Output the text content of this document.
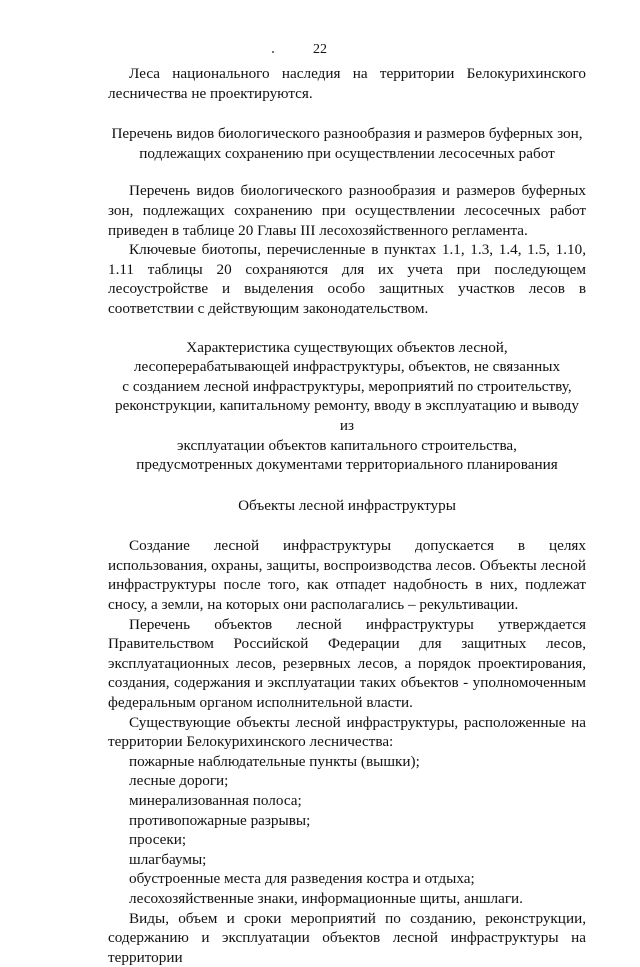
22

Леса национального наследия на территории Белокурихинского лесничества не проектируются.

Перечень видов биологического разнообразия и размеров буферных зон,

подлежащих сохранению при осуществлении лесосечных работ

Перечень видов биологического разнообразия и размеров буферных зон, подлежащих сохранению при осуществлении лесосечных работ приведен в таблице 20 Главы III лесохозяйственного регламента.

Ключевые биотопы, перечисленные в пунктах 1.1, 1.3, 1.4, 1.5, 1.10, 1.11 таблицы 20 сохраняются для их учета при последующем лесоустройстве и выделения особо защитных участков лесов в соответствии с действующим законодательством.

Характеристика существующих объектов лесной,

лесоперерабатывающей инфраструктуры, объектов, не связанных

с созданием лесной инфраструктуры, мероприятий по строительству,

реконструкции, капитальному ремонту, вводу в эксплуатацию и выводу из

эксплуатации объектов капитального строительства,

предусмотренных документами территориального планирования

Объекты лесной инфраструктуры

Создание лесной инфраструктуры допускается в целях использования, охраны, защиты, воспроизводства лесов. Объекты лесной инфраструктуры после того, как отпадет надобность в них, подлежат сносу, а земли, на которых они располагались – рекультивации.

Перечень объектов лесной инфраструктуры утверждается Правительством Российской Федерации для защитных лесов, эксплуатационных лесов, резервных лесов, а порядок проектирования, создания, содержания и эксплуатации таких объектов - уполномоченным федеральным органом исполнительной власти.

Существующие объекты лесной инфраструктуры, расположенные на территории Белокурихинского лесничества:

пожарные наблюдательные пункты (вышки);

лесные дороги;

минерализованная полоса;

противопожарные разрывы;

просеки;

шлагбаумы;

обустроенные места для разведения костра и отдыха;

лесохозяйственные знаки, информационные щиты, аншлаги.

Виды, объем и сроки мероприятий по созданию, реконструкции, содержанию и эксплуатации объектов лесной инфраструктуры на территории
